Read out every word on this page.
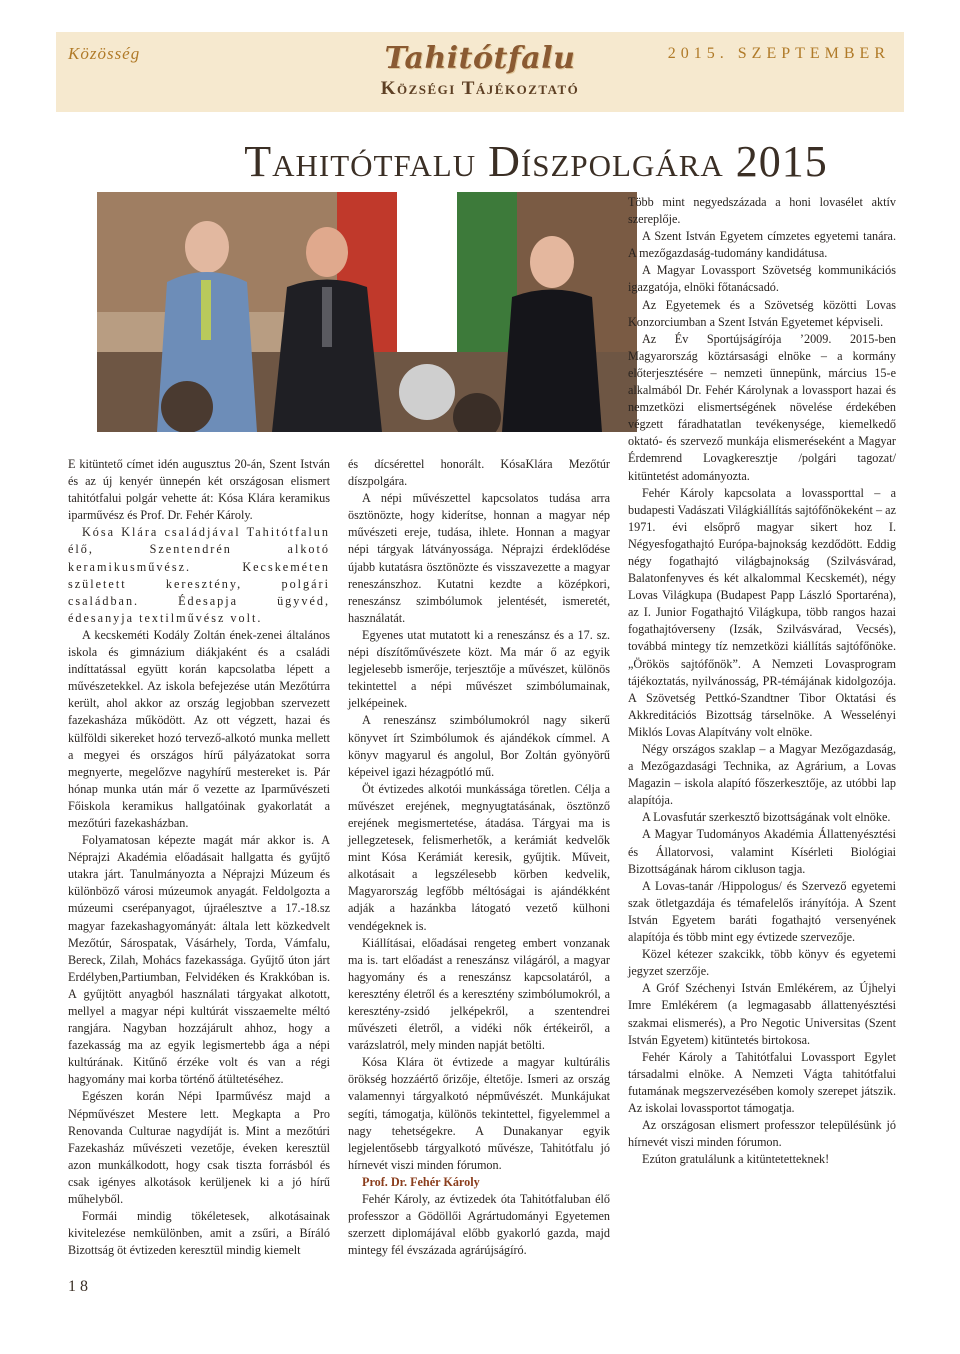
Közösség	Tahitótfalu
Községi Tájékoztató
2015. SZEPTEMBER
Tahitótfalu Díszpolgára 2015

E kitüntető címet idén augusztus 20-án, Szent István és az új kenyér ünnepén két országosan elismert tahitótfalui polgár vehette át: Kósa Klára keramikus iparművész és Prof. Dr. Fehér Károly.

Kósa Klára családjával Tahitótfalun élő, Szentendrén alkotó keramikusművész. Kecskeméten született keresztény, polgári családban. Édesapja ügyvéd, édesanyja textilművész volt.

A kecskeméti Kodály Zoltán ének-zenei általános iskola és gimnázium diákjaként és a családi indíttatással együtt korán kapcsolatba lépett a művészetekkel. Az iskola befejezése után Mezőtúrra került, ahol akkor az ország legjobban szervezett fazekasháza működött. Az ott végzett, hazai és külföldi sikereket hozó tervező-alkotó munka mellett a megyei és országos hírű pályázatokat sorra megnyerte, megelőzve nagyhírű mestereket is. Pár hónap munka után már ő vezette az Iparművészeti Főiskola keramikus hallgatóinak gyakorlatát a mezőtúri fazekasházban.

Folyamatosan képezte magát már akkor is. A Néprajzi Akadémia előadásait hallgatta és gyűjtő utakra járt. Tanulmányozta a Néprajzi Múzeum és különböző városi múzeumok anyagát. Feldolgozta a múzeumi cserépanyagot, újraélesztve a 17.-18.sz magyar fazekashagyományát: általa lett közkedvelt Mezőtúr, Sárospatak, Vásárhely, Torda, Vámfalu, Bereck, Zilah, Mohács fazekassága. Gyűjtő úton járt Erdélyben,Partiumban, Felvidéken és Krakkóban is. A gyűjtött anyagból használati tárgyakat alkotott, mellyel a magyar népi kultúrát visszaemelte méltó rangjára. Nagyban hozzájárult ahhoz, hogy a fazekasság ma az egyik legismertebb ága a népi kultúrának. Kitűnő érzéke volt és van a régi hagyomány mai korba történő átültetéséhez.

Egészen korán Népi Iparművész majd a Népművészet Mestere lett. Megkapta a Pro Renovanda Culturae nagydíját is. Mint a mezőtúri Fazekasház művészeti vezetője, éveken keresztül azon munkálkodott, hogy csak tiszta forrásból és csak igényes alkotások kerüljenek ki a jó hírű műhelyből.

Formái mindig tökéletesek, alkotásainak kivitelezése nemkülönben, amit a zsűri, a Bíráló Bizottság öt évtizeden keresztül mindig kiemelt

és dícsérettel honorált. KósaKlára Mezőtúr díszpolgára.

A népi művészettel kapcsolatos tudása arra ösztönözte, hogy kiderítse, honnan a magyar nép művészeti ereje, tudása, ihlete. Honnan a magyar népi tárgyak látványossága. Néprajzi érdeklődése újabb kutatásra ösztönözte és visszavezette a magyar reneszánszhoz. Kutatni kezdte a középkori, reneszánsz szimbólumok jelentését, ismeretét, használatát.

Egyenes utat mutatott ki a reneszánsz és a 17. sz. népi díszítőművészete közt. Ma már ő az egyik legjelesebb ismerője, terjesztője a művészet, különös tekintettel a népi művészet szimbólumainak, jelképeinek.

A reneszánsz szimbólumokról nagy sikerű könyvet írt Szimbólumok és ajándékok címmel. A könyv magyarul és angolul, Bor Zoltán gyönyörű képeivel igazi hézagpótló mű.

Öt évtizedes alkotói munkássága töretlen. Célja a művészet erejének, megnyugtatásának, ösztönző erejének megismertetése, átadása. Tárgyai ma is jellegzetesek, felismerhetők, a kerámiát kedvelők mint Kósa Kerámiát keresik, gyűjtik. Műveit, alkotásait a legszélesebb körben kedvelik, Magyarország legfőbb méltóságai is ajándékként adják a hazánkba látogató vezető külhoni vendégeknek is.

Kiállításai, előadásai rengeteg embert vonzanak ma is. tart előadást a reneszánsz világáról, a magyar hagyomány és a reneszánsz kapcsolatáról, a keresztény életről és a keresztény szimbólumokról, a keresztény-zsidó jelképekről, a szentendrei művészeti életről, a vidéki nők értékeiről, a varázslatról, mely minden napját betölti.

Kósa Klára öt évtizede a magyar kultúrális örökség hozzáértő őrizője, éltetője. Ismeri az ország valamennyi tárgyalkotó népművészét. Munkájukat segíti, támogatja, különös tekintettel, figyelemmel a nagy tehetségekre. A Dunakanyar egyik legjelentősebb tárgyalkotó művésze, Tahitótfalu jó hírnevét viszi minden fórumon.

Prof. Dr. Fehér Károly

Fehér Károly, az évtizedek óta Tahitótfaluban élő professzor a Gödöllői Agrártudományi Egyetemen szerzett diplomájával előbb gyakorló gazda, majd mintegy fél évszázada agrárújságíró.

Több mint negyedszázada a honi lovasélet aktív szereplője.

A Szent István Egyetem címzetes egyetemi tanára. A mezőgazdaság-tudomány kandidátusa.

A Magyar Lovassport Szövetség kommunikációs igazgatója, elnöki főtanácsadó.

Az Egyetemek és a Szövetség közötti Lovas Konzorciumban a Szent István Egyetemet képviseli.

Az Év Sportújságírója ’2009. 2015-ben Magyarország köztársasági elnöke – a kormány előterjesztésére – nemzeti ünnepünk, március 15-e alkalmából Dr. Fehér Károlynak a lovassport hazai és nemzetközi elismertségének növelése érdekében végzett fáradhatatlan tevékenysége, kiemelkedő oktató- és szervező munkája elismeréseként a Magyar Érdemrend Lovagkeresztje /polgári tagozat/ kitüntetést adományozta.

Fehér Károly kapcsolata a lovassporttal – a budapesti Vadászati Világkiállítás sajtófőnökeként – az 1971. évi elsőprő magyar sikert hoz I. Négyesfogathajtó Európa-bajnokság kezdődött. Eddig négy fogathajtó világbajnokság (Szilvásvárad, Balatonfenyves és két alkalommal Kecskemét), négy Lovas Világkupa (Budapest Papp László Sportaréna), az I. Junior Fogathajtó Világkupa, több rangos hazai fogathajtóverseny (Izsák, Szilvásvárad, Vecsés), továbbá mintegy tíz nemzetközi kiállítás sajtófőnöke. „Örökös sajtófőnök”. A Nemzeti Lovasprogram tájékoztatás, nyilvánosság, PR-témájának kidolgozója. A Szövetség Pettkó-Szandtner Tibor Oktatási és Akkreditációs Bizottság társelnöke. A Wesselényi Miklós Lovas Alapítvány volt elnöke.

Négy országos szaklap – a Magyar Mezőgazdaság, a Mezőgazdasági Technika, az Agrárium, a Lovas Magazin – iskola alapító főszerkesztője, az utóbbi lap alapítója.

A Lovasfutár szerkesztő bizottságának volt elnöke.

A Magyar Tudományos Akadémia Állattenyésztési és Állatorvosi, valamint Kísérleti Biológiai Bizottságának három cikluson tagja.

A Lovas-tanár /Hippologus/ és Szervező egyetemi szak ötletgazdája és témafelelős irányítója. A Szent István Egyetem baráti fogathajtó versenyének alapítója és több mint egy évtizede szervezője.

Közel kétezer szakcikk, több könyv és egyetemi jegyzet szerzője.

A Gróf Széchenyi István Emlékérem, az Újhelyi Imre Emlékérem (a legmagasabb állattenyésztési szakmai elismerés), a Pro Negotic Universitas (Szent István Egyetem) kitüntetés birtokosa.

Fehér Károly a Tahitótfalui Lovassport Egylet társadalmi elnöke. A Nemzeti Vágta tahitótfalui futamának megszervezésében komoly szerepet játszik. Az iskolai lovassportot támogatja.

Az országosan elismert professzor településünk jó hírnevét viszi minden fórumon.

Ezúton gratulálunk a kitüntetetteknek!

18
